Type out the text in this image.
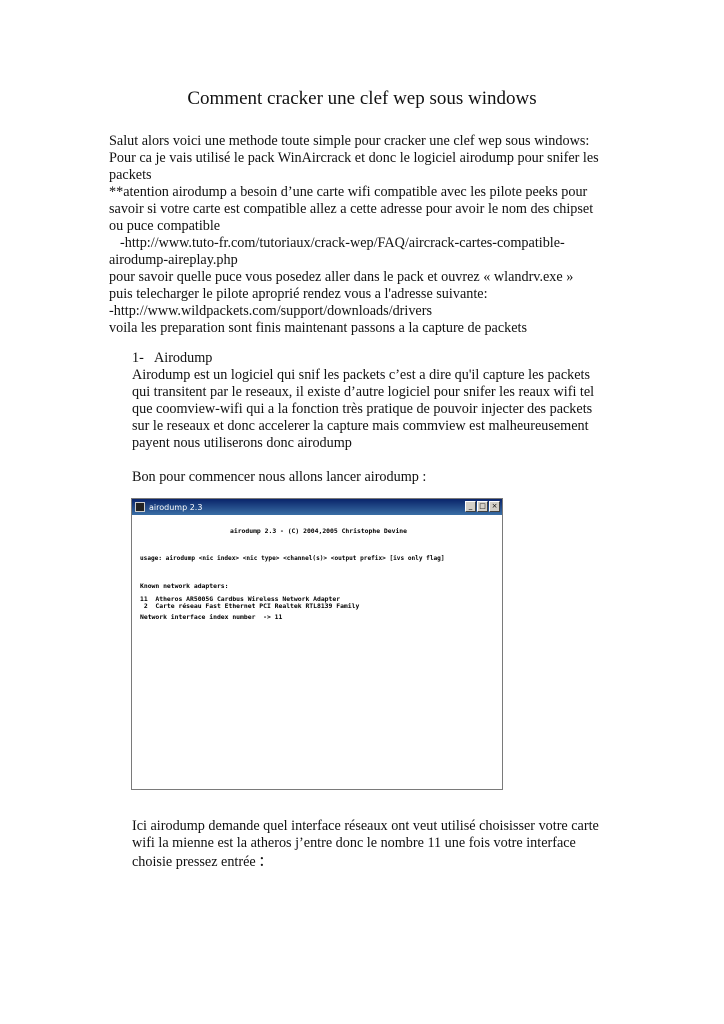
Comment cracker une clef wep sous windows
Salut alors voici une methode toute simple pour cracker une clef wep sous windows:
Pour ca je vais utilisé le pack WinAircrack et donc le logiciel airodump pour snifer les
packets
**atention airodump a besoin d’une carte wifi compatible avec les pilote peeks pour
savoir si votre carte est compatible allez a cette adresse pour avoir le nom des chipset
ou puce compatible
-http://www.tuto-fr.com/tutoriaux/crack-wep/FAQ/aircrack-cartes-compatible-
airodump-aireplay.php
pour savoir quelle puce vous posedez aller dans le pack et ouvrez « wlandrv.exe »
puis telecharger le pilote aproprié rendez vous a l'adresse suivante:
-http://www.wildpackets.com/support/downloads/drivers
voila les preparation sont finis maintenant passons a la capture de packets
1- Airodump
Airodump est un logiciel qui snif les packets c’est a dire qu'il capture les packets
qui transitent par le reseaux, il existe d’autre logiciel pour snifer les reaux wifi tel
que coomview-wifi qui a la fonction très pratique de pouvoir injecter des packets
sur le reseaux et donc accelerer la capture mais commview est malheureusement
payent nous utiliserons donc airodump
Bon pour commencer nous allons lancer airodump :
airodump 2.3	_ □ ×
airodump 2.3 - (C) 2004,2005 Christophe Devine
usage: airodump <nic index> <nic type> <channel(s)> <output prefix> [ivs only flag]
Known network adapters:
11  Atheros AR5005G Cardbus Wireless Network Adapter
2  Carte réseau Fast Ethernet PCI Realtek RTL8139 Family
Network interface index number  -> 11
Ici airodump demande quel interface réseaux ont veut utilisé choisisser votre carte
wifi la mienne est la atheros j’entre donc le nombre 11 une fois votre interface
choisie pressez entrée :
